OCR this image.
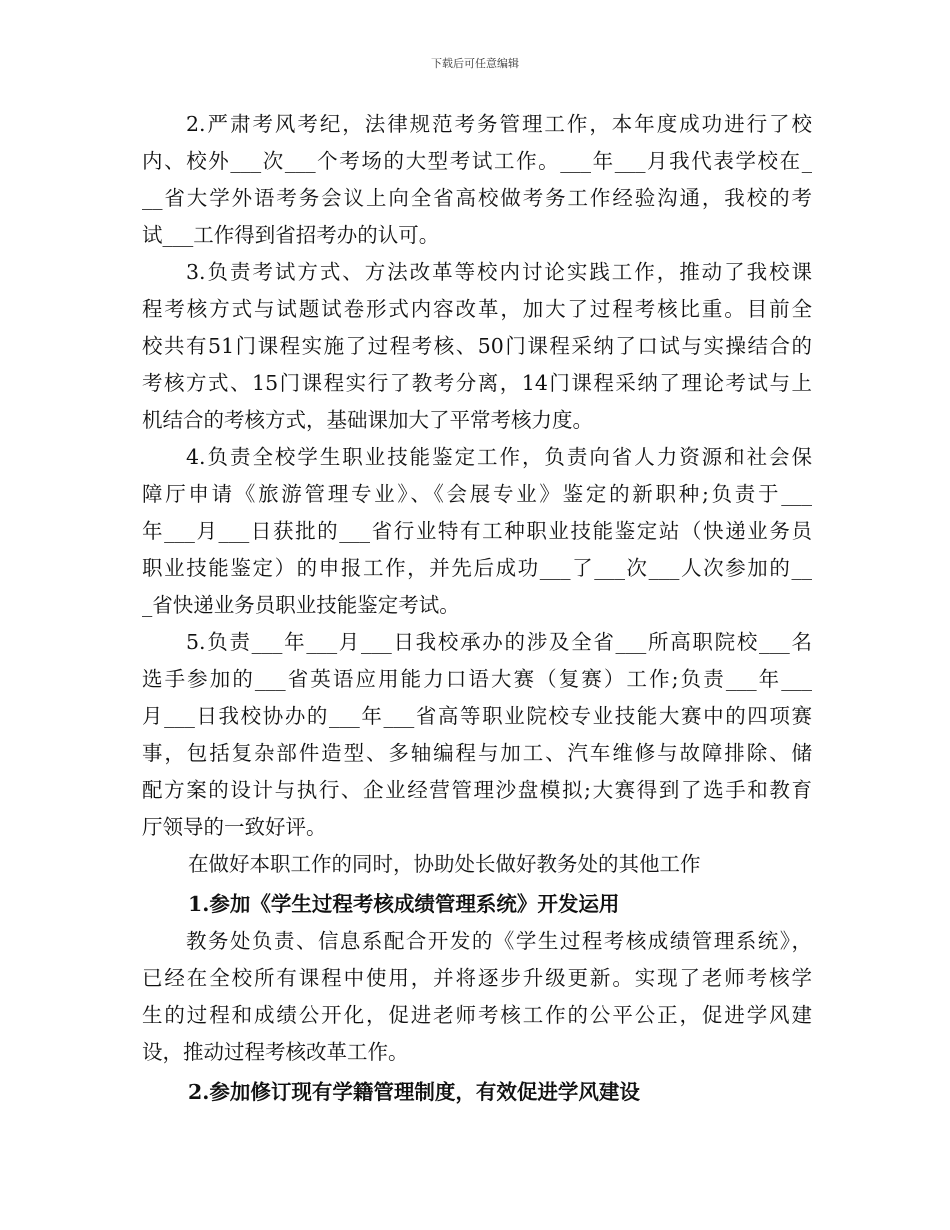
下载后可任意编辑
2.严肃考风考纪，法律规范考务管理工作，本年度成功进行了校
内、校外___次___个考场的大型考试工作。___年___月我代表学校在_
__省大学外语考务会议上向全省高校做考务工作经验沟通，我校的考
试___工作得到省招考办的认可。
3.负责考试方式、方法改革等校内讨论实践工作，推动了我校课
程考核方式与试题试卷形式内容改革，加大了过程考核比重。目前全
校共有51门课程实施了过程考核、50门课程采纳了口试与实操结合的
考核方式、15门课程实行了教考分离，14门课程采纳了理论考试与上
机结合的考核方式，基础课加大了平常考核力度。
4.负责全校学生职业技能鉴定工作，负责向省人力资源和社会保
障厅申请《旅游管理专业》、《会展专业》鉴定的新职种;负责于___
年___月___日获批的___省行业特有工种职业技能鉴定站（快递业务员
职业技能鉴定）的申报工作，并先后成功___了___次___人次参加的__
_省快递业务员职业技能鉴定考试。
5.负责___年___月___日我校承办的涉及全省___所高职院校___名
选手参加的___省英语应用能力口语大赛（复赛）工作;负责___年___
月___日我校协办的___年___省高等职业院校专业技能大赛中的四项赛
事，包括复杂部件造型、多轴编程与加工、汽车维修与故障排除、储
配方案的设计与执行、企业经营管理沙盘模拟;大赛得到了选手和教育
厅领导的一致好评。
在做好本职工作的同时，协助处长做好教务处的其他工作
1.参加《学生过程考核成绩管理系统》开发运用
教务处负责、信息系配合开发的《学生过程考核成绩管理系统》，
已经在全校所有课程中使用，并将逐步升级更新。实现了老师考核学
生的过程和成绩公开化，促进老师考核工作的公平公正，促进学风建
设，推动过程考核改革工作。
2.参加修订现有学籍管理制度，有效促进学风建设
